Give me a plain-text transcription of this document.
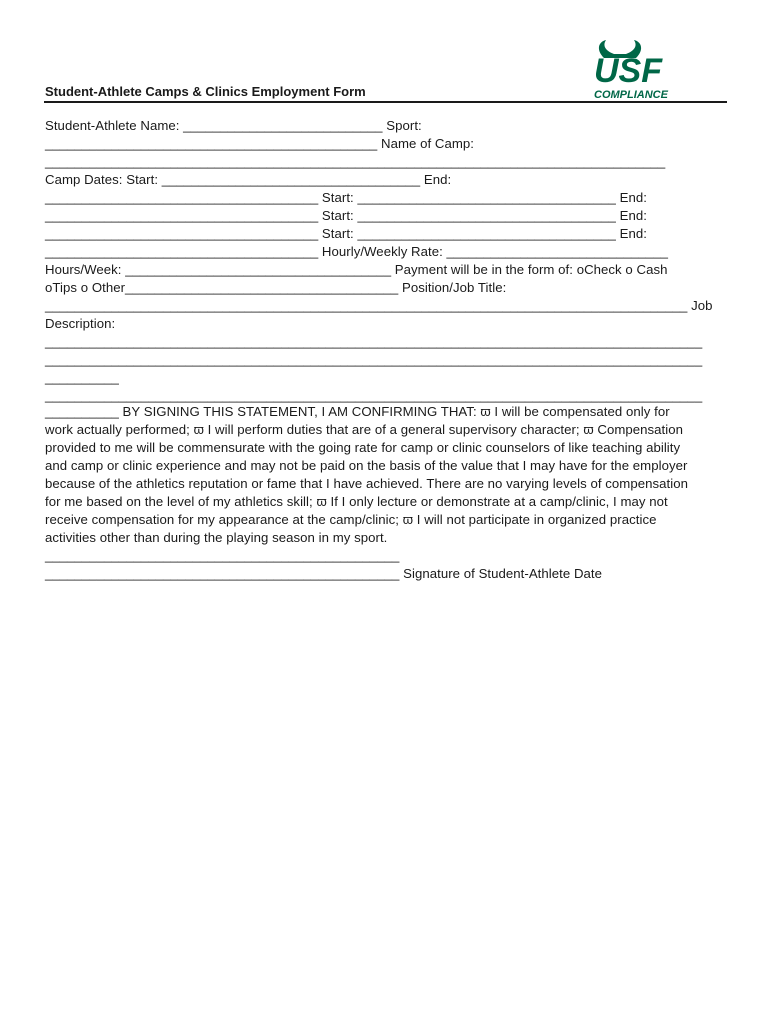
USF
COMPLIANCE
Student-Athlete Camps & Clinics Employment Form
Student-Athlete Name: ___________________________ Sport:
_____________________________________________ Name of Camp:
____________________________________________________________________________________
Camp Dates: Start: ___________________________________ End:
_____________________________________ Start: ___________________________________ End:
_____________________________________ Start: ___________________________________ End:
_____________________________________ Start: ___________________________________ End:
_____________________________________ Hourly/Weekly Rate: ______________________________
Hours/Week: ____________________________________ Payment will be in the form of: oCheck o Cash
oTips o Other_____________________________________ Position/Job Title:
_______________________________________________________________________________________ Job
Description:
_________________________________________________________________________________________
_________________________________________________________________________________________
__________
_________________________________________________________________________________________
__________ BY SIGNING THIS STATEMENT, I AM CONFIRMING THAT: ϖ I will be compensated only for
work actually performed; ϖ I will perform duties that are of a general supervisory character; ϖ Compensation
provided to me will be commensurate with the going rate for camp or clinic counselors of like teaching ability
and camp or clinic experience and may not be paid on the basis of the value that I may have for the employer
because of the athletics reputation or fame that I have achieved. There are no varying levels of compensation
for me based on the level of my athletics skill; ϖ If I only lecture or demonstrate at a camp/clinic, I may not
receive compensation for my appearance at the camp/clinic; ϖ I will not participate in organized practice
activities other than during the playing season in my sport.
________________________________________________
________________________________________________ Signature of Student-Athlete Date
